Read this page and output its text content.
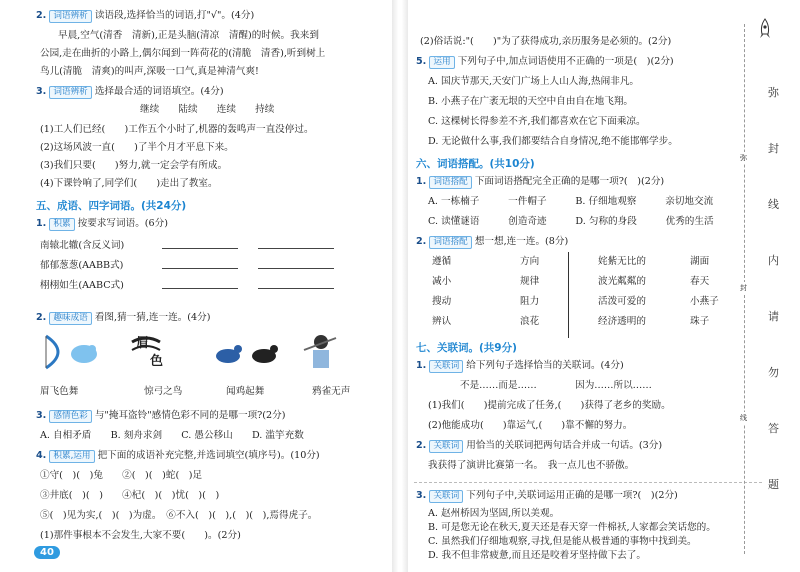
2. 词语辨析 读语段,选择恰当的词语,打"√"。(4分)
早晨,空气(清香　清新),正是头脑(清凉　清醒)的时候。我来到
公园,走在曲折的小路上,偶尔闻到一阵荷花的(清脆　清香),听到树上
鸟儿(清脆　清爽)的叫声,深吸一口气,真是神清气爽!
3. 词语辨析 选择最合适的词语填空。(4分)
继续　　陆续　　连续　　持续
(1)工人们已经(　　)工作五个小时了,机器的轰鸣声一直没停过。
(2)这场风波一直(　　)了半个月才平息下来。
(3)我们只要(　　)努力,就一定会学有所成。
(4)下课铃响了,同学们(　　)走出了教室。
五、成语、四字词语。(共24分)
1. 积累 按要求写词语。(6分)
南辕北辙(含反义词)
郁郁葱葱(AABB式)
栩栩如生(AABC式)
2. 趣味成语 看图,猜一猜,连一连。(4分)
眉
色
眉飞色舞	惊弓之鸟	闻鸡起舞	鸦雀无声
3. 感情色彩 与"掩耳盗铃"感情色彩不同的是哪一项?(2分)
A. 自相矛盾　　B. 刻舟求剑　　C. 愚公移山　　D. 滥竽充数
4. 积累,运用 把下面的成语补充完整,并选词填空(填序号)。(10分)
①守(　)(　)兔　　②(　)(　)蛇(　)足
③井底(　)(　)　　④杞(　)(　)忧(　)(　)
⑤(　)见为实,(　)(　)为虚。　⑥不入(　)(　),(　)(　),焉得虎子。
(1)那件事根本不会发生,大家不要(　　)。(2分)
40
(2)俗话说:"(　　)"为了获得成功,亲历服务是必须的。(2分)
5. 运用 下列句子中,加点词语使用不正确的一项是(　)(2分)
A. 国庆节那天,天安门广场上人山人海,热闹非凡。
B. 小燕子在广袤无垠的天空中自由自在地飞翔。
C. 这棵树长得参差不齐,我们都喜欢在它下面乘凉。
D. 无论做什么事,我们都要结合自身情况,绝不能邯郸学步。
六、词语搭配。(共10分)
1. 词语搭配 下面词语搭配完全正确的是哪一项?(　)(2分)
A. 一栋楠子　　　一件帽子　　　B. 仔细地观察　　　亲切地交流
C. 读懂谜语　　　创造奇迹　　　D. 匀称的身段　　　优秀的生活
2. 词语搭配 想一想,连一连。(8分)
遵循
减小
搜动
辨认
方向
规律
阻力
浪花
姹紫无比的
波光粼粼的
活泼可爱的
经济透明的
湖面
春天
小燕子
珠子
七、关联词。(共9分)
1. 关联词 给下列句子选择恰当的关联词。(4分)
不是……而是……　　　　因为……所以……
(1)我们(　　)提前完成了任务,(　　)获得了老乡的奖励。
(2)他能成功(　　)靠运气,(　　)靠不懈的努力。
2. 关联词 用恰当的关联词把两句话合并成一句话。(3分)
我获得了演讲比赛第一名。　我一点儿也不骄傲。
3. 关联词 下列句子中,关联词运用正确的是哪一项?(　)(2分)
A. 赵州桥因为坚固,所以美观。
B. 可是您无论在秋天,夏天还是春天穿一件棉袄,人家都会笑话您的。
C. 虽然我们仔细地观察,寻找,但是能从极普通的事物中找到美。
D. 我不但非常疲惫,而且还是咬着牙坚持做下去了。
弥
封
线
内
请
勿
答
题
弥
封
线
